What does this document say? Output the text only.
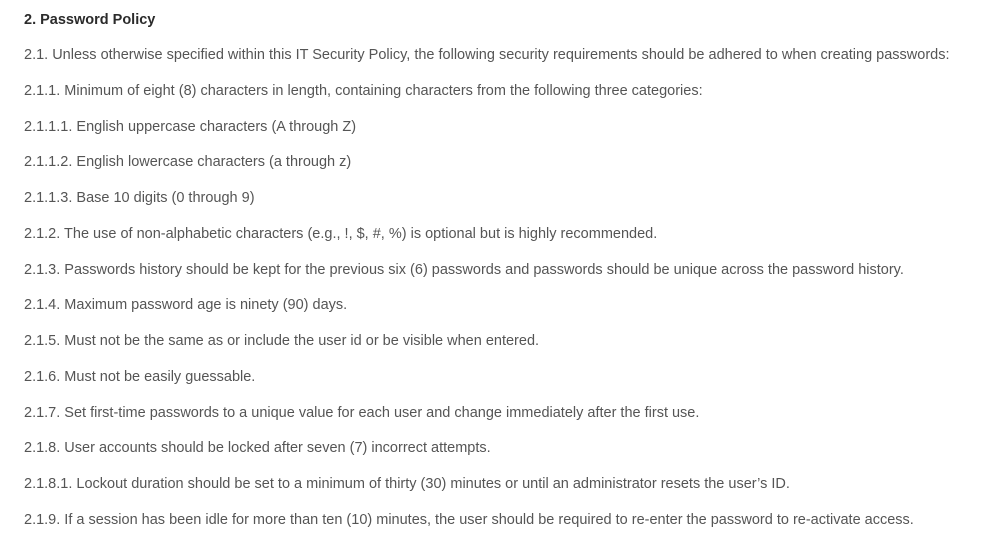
2. Password Policy

2.1. Unless otherwise specified within this IT Security Policy, the following security requirements should be adhered to when creating passwords:

2.1.1. Minimum of eight (8) characters in length, containing characters from the following three categories:

2.1.1.1. English uppercase characters (A through Z)

2.1.1.2. English lowercase characters (a through z)

2.1.1.3. Base 10 digits (0 through 9)

2.1.2. The use of non-alphabetic characters (e.g., !, $, #, %) is optional but is highly recommended.

2.1.3. Passwords history should be kept for the previous six (6) passwords and passwords should be unique across the password history.

2.1.4. Maximum password age is ninety (90) days.

2.1.5. Must not be the same as or include the user id or be visible when entered.

2.1.6. Must not be easily guessable.

2.1.7. Set first-time passwords to a unique value for each user and change immediately after the first use.

2.1.8. User accounts should be locked after seven (7) incorrect attempts.

2.1.8.1. Lockout duration should be set to a minimum of thirty (30) minutes or until an administrator resets the user’s ID.

2.1.9. If a session has been idle for more than ten (10) minutes, the user should be required to re-enter the password to re-activate access.
